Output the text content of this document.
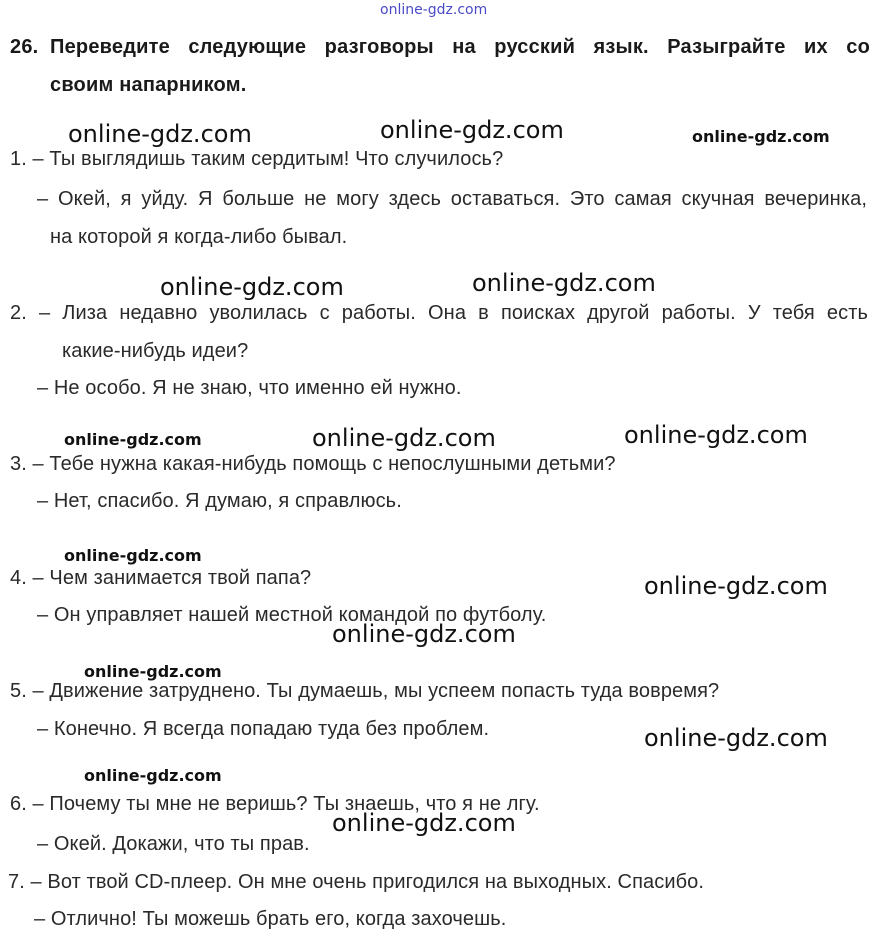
online-gdz.com
26. Переведите следующие разговоры на русский язык. Разыграйте их со
своим напарником.
1. – Ты выглядишь таким сердитым! Что случилось?
– Окей, я уйду. Я больше не могу здесь оставаться. Это самая скучная вечеринка,
на которой я когда-либо бывал.
2. – Лиза недавно уволилась с работы. Она в поисках другой работы. У тебя есть
какие-нибудь идеи?
– Не особо. Я не знаю, что именно ей нужно.
3. – Тебе нужна какая-нибудь помощь с непослушными детьми?
– Нет, спасибо. Я думаю, я справлюсь.
4. – Чем занимается твой папа?
– Он управляет нашей местной командой по футболу.
5. – Движение затруднено. Ты думаешь, мы успеем попасть туда вовремя?
– Конечно. Я всегда попадаю туда без проблем.
6. – Почему ты мне не веришь? Ты знаешь, что я не лгу.
– Окей. Докажи, что ты прав.
7. – Вот твой CD-плеер. Он мне очень пригодился на выходных. Спасибо.
– Отлично! Ты можешь брать его, когда захочешь.
online-gdz.com	online-gdz.com	online-gdz.com
online-gdz.com	online-gdz.com
online-gdz.com	online-gdz.com	online-gdz.com
online-gdz.com
online-gdz.com
online-gdz.com
online-gdz.com
online-gdz.com
online-gdz.com
online-gdz.com
